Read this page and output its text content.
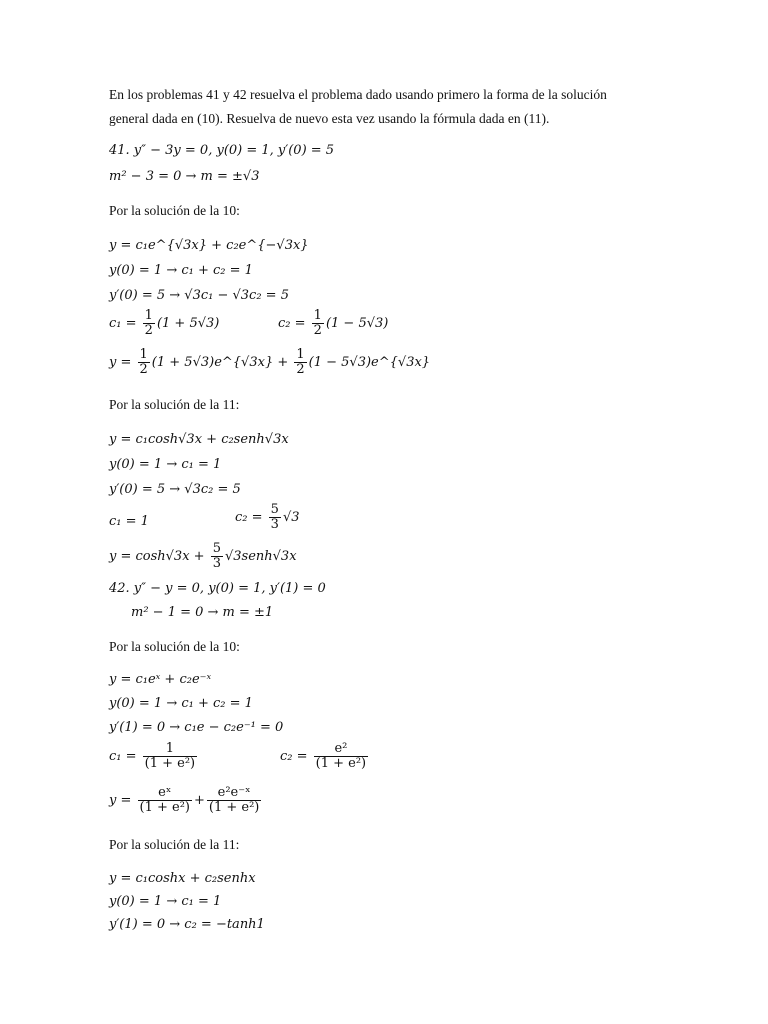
En los problemas 41 y 42 resuelva el problema dado usando primero la forma de la solución
general dada en (10). Resuelva de nuevo esta vez usando la fórmula dada en (11).
41. y″ − 3y = 0, y(0) = 1, y′(0) = 5
m² − 3 = 0 → m = ±√3
Por la solución de la 10:
y = c₁e^{√3x} + c₂e^{−√3x}
y(0) = 1 → c₁ + c₂ = 1
y′(0) = 5 → √3c₁ − √3c₂ = 5
$c_1 = \frac{1}{2} (1 + 5√3)$	$c_2 = \frac{1}{2} (1 - 5√3)$
$y = \frac{1}{2} (1$ + 5√3)e^{√3x} + $\frac{1}{2} (1$ − 5√3)e^{√3x}
Por la solución de la 11:
y = c₁cosh√3x + c₂senh√3x
y(0) = 1 → c₁ = 1
y′(0) = 5 → √3c₂ = 5
c₁ = 1	$c_2 = \frac{5}{3} √3$
$y = \cosh√3x + \frac{5}{3}$ √3senh√3x
42. y″ − y = 0, y(0) = 1, y′(1) = 0
m² − 1 = 0 → m = ±1
Por la solución de la 10:
y = c₁eˣ + c₂e⁻ˣ
y(0) = 1 → c₁ + c₂ = 1
y′(1) = 0 → c₁e − c₂e⁻¹ = 0
$c_1 = \frac{1}{\text{(1 + e²)}}$	$c_2 = \frac{\text{e²}}{\text{(1 + e²)}}$
$y = \frac{\text{eˣ}}{\text{(1 + e²)}} + \frac{\text{e²e⁻ˣ}}{\text{(1 + e²)}}$
Por la solución de la 11:
y = c₁coshx + c₂senhx
y(0) = 1 → c₁ = 1
y′(1) = 0 → c₂ = −tanh1
